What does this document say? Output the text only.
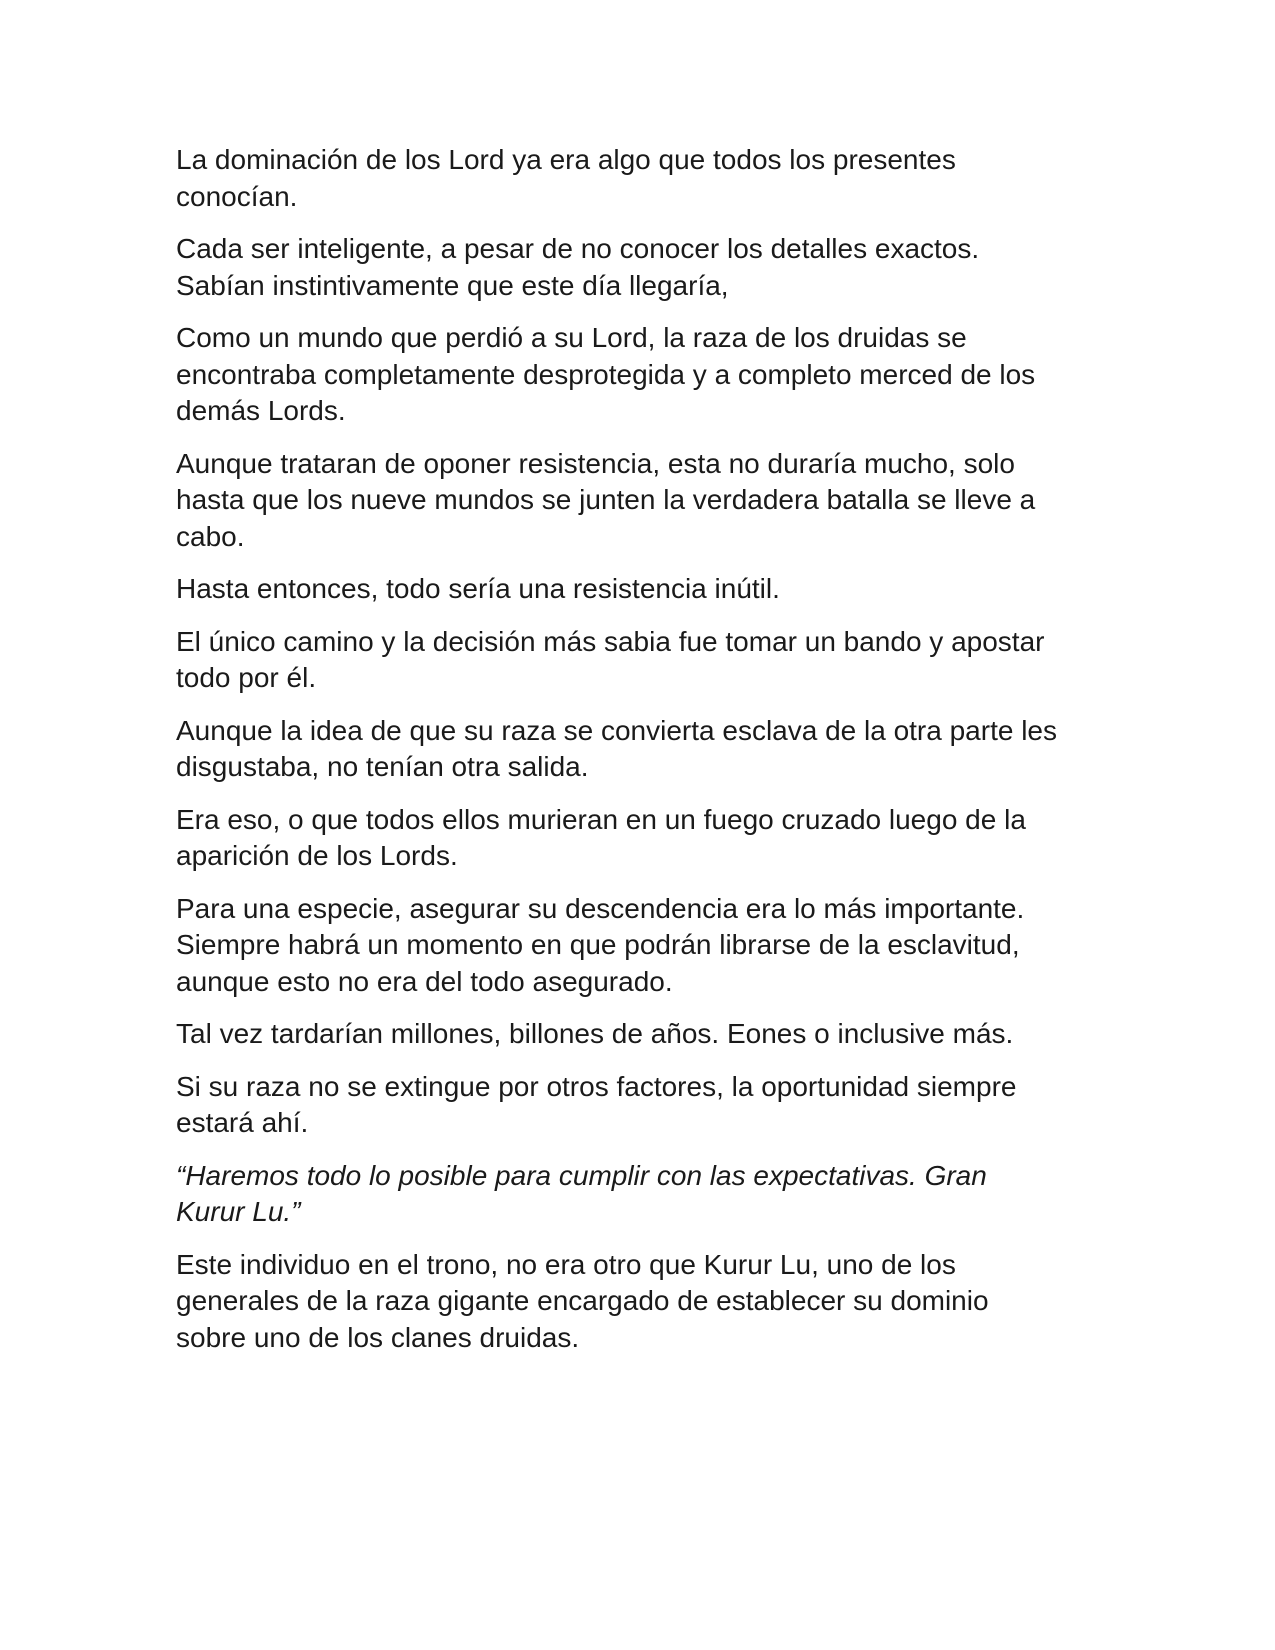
La dominación de los Lord ya era algo que todos los presentes
conocían.

Cada ser inteligente, a pesar de no conocer los detalles exactos.
Sabían instintivamente que este día llegaría,

Como un mundo que perdió a su Lord, la raza de los druidas se
encontraba completamente desprotegida y a completo merced de los
demás Lords.

Aunque trataran de oponer resistencia, esta no duraría mucho, solo
hasta que los nueve mundos se junten la verdadera batalla se lleve a
cabo.

Hasta entonces, todo sería una resistencia inútil.

El único camino y la decisión más sabia fue tomar un bando y apostar
todo por él.

Aunque la idea de que su raza se convierta esclava de la otra parte les
disgustaba, no tenían otra salida.

Era eso, o que todos ellos murieran en un fuego cruzado luego de la
aparición de los Lords.

Para una especie, asegurar su descendencia era lo más importante.
Siempre habrá un momento en que podrán librarse de la esclavitud,
aunque esto no era del todo asegurado.

Tal vez tardarían millones, billones de años. Eones o inclusive más.

Si su raza no se extingue por otros factores, la oportunidad siempre
estará ahí.

“Haremos todo lo posible para cumplir con las expectativas. Gran
Kurur Lu.”

Este individuo en el trono, no era otro que Kurur Lu, uno de los
generales de la raza gigante encargado de establecer su dominio
sobre uno de los clanes druidas.
